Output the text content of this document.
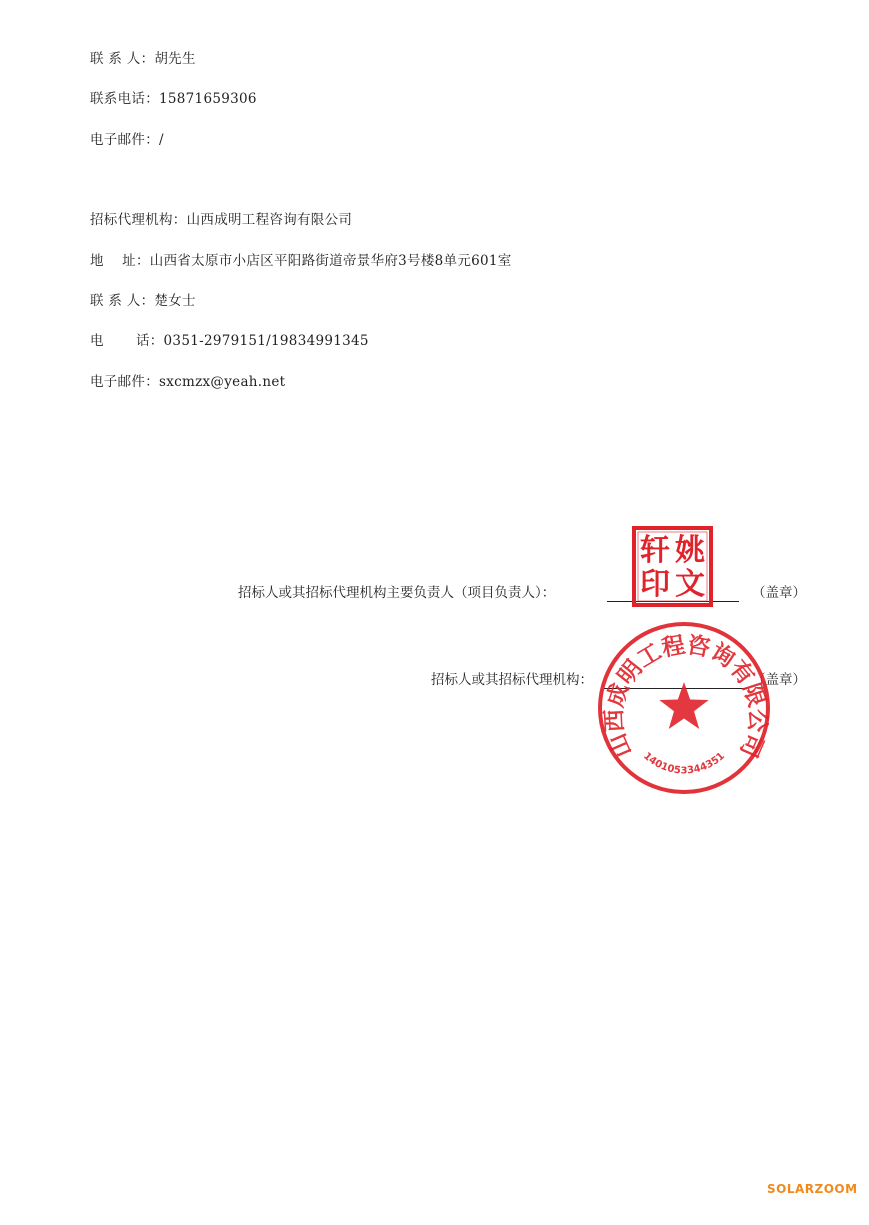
联 系 人：胡先生
联系电话：15871659306
电子邮件：/
招标代理机构：山西成明工程咨询有限公司
地    址：山西省太原市小店区平阳路街道帝景华府3号楼8单元601室
联 系 人：楚女士
电       话：0351-2979151/19834991345
电子邮件：sxcmzx@yeah.net
招标人或其招标代理机构主要负责人（项目负责人）：	（盖章）
招标人或其招标代理机构：	（盖章）
姚
文
轩
印
山西成明工程咨询有限公司
1401053344351
SOLARZOOM
